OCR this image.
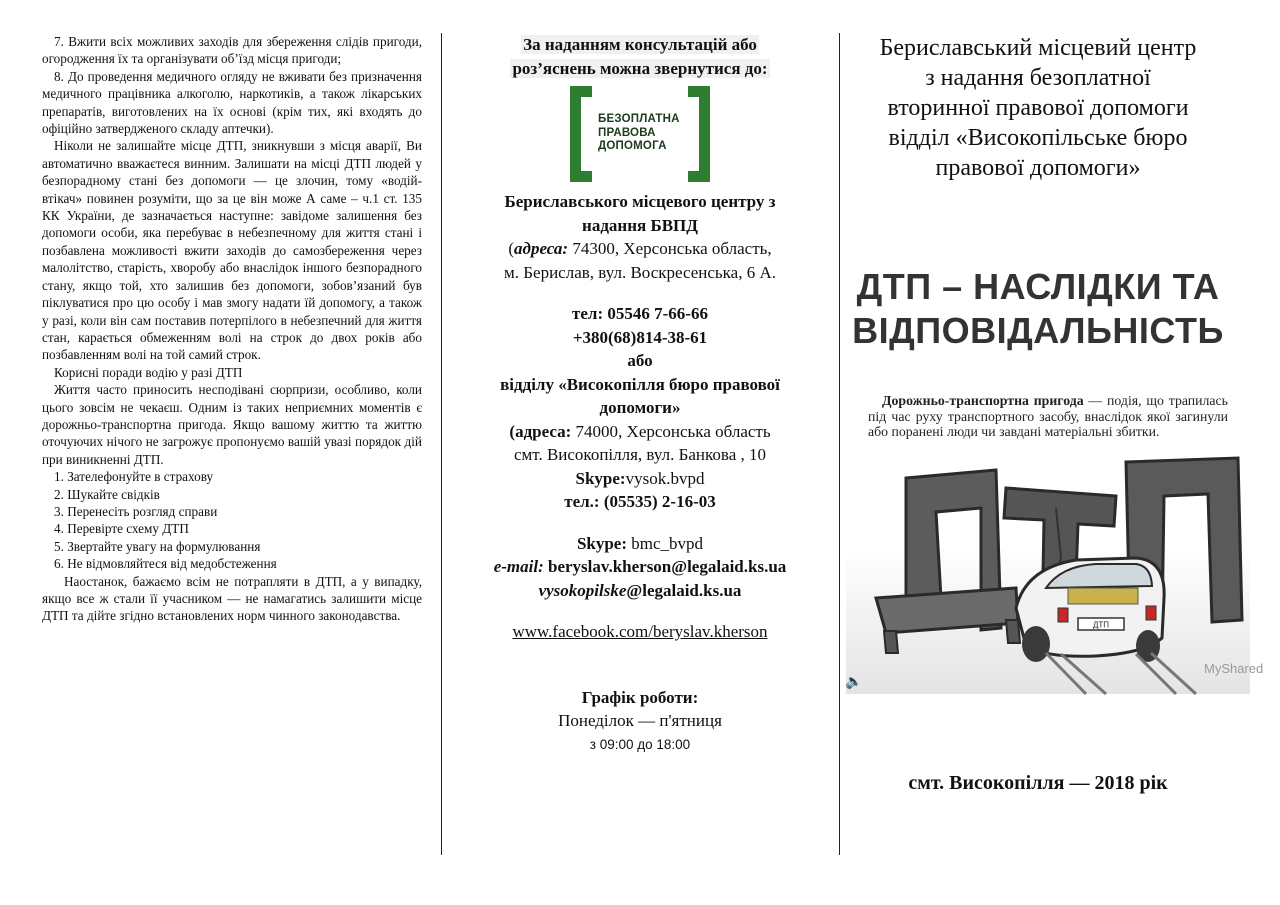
7. Вжити всіх можливих заходів для збереження слідів пригоди, огородження їх та організувати об’їзд місця пригоди;

8. До проведення медичного огляду не вживати без призначення медичного працівника алкоголю, наркотиків, а також лікарських препаратів, виготовлених на їх основі (крім тих, які входять до офіційно затвердженого складу аптечки).

Ніколи не залишайте місце ДТП, зникнувши з місця аварії, Ви автоматично вважаєтеся винним. Залишати на місці ДТП людей у безпорадному стані без допомоги — це злочин, тому «водій-втікач» повинен розуміти, що за це він може А саме – ч.1 ст. 135 КК України, де зазначається наступне: завідоме залишення без допомоги особи, яка перебуває в небезпечному для життя стані і позбавлена можливості вжити заходів до самозбереження через малолітство, старість, хворобу або внаслідок іншого безпорадного стану, якщо той, хто залишив без допомоги, зобов’язаний був піклуватися про цю особу і мав змогу надати їй допомогу, а також у разі, коли він сам поставив потерпілого в небезпечний для життя стан, карається обмеженням волі на строк до двох років або позбавленням волі на той самий строк.

Корисні поради водію у разі ДТП

Життя часто приносить несподівані сюрпризи, особливо, коли цього зовсім не чекаєш. Одним із таких неприємних моментів є дорожньо-транспортна пригода. Якщо вашому життю та життю оточуючих нічого не загрожує пропонуємо вашій увазі порядок дій при виникненні ДТП.

1. Зателефонуйте в страхову
2. Шукайте свідків
3. Перенесіть розгляд справи
4. Перевірте схему ДТП
5. Звертайте увагу на формулювання
6. Не відмовляйтеся від медобстеження

Наостанок, бажаємо всім не потрапляти в ДТП, а у випадку, якщо все ж стали її учасником — не намагатись залишити місце ДТП та дійте згідно встановлених норм чинного законодавства.

За наданням консультацій або
роз’яснень можна звернутися до:
БЕЗОПЛАТНА
ПРАВОВА
ДОПОМОГА
Бериславського місцевого центру з
надання БВПД
(адреса: 74300, Херсонська область,
м. Берислав, вул. Воскресенська, 6 А.
тел: 05546 7-66-66
+380(68)814-38-61
або
відділу «Високопілля бюро правової
допомоги»
(адреса: 74000, Херсонська область
смт. Високопілля, вул. Банкова , 10
Skype:vysok.bvpd
тел.: (05535) 2-16-03
Skype: bmc_bvpd
e-mail: beryslav.kherson@legalaid.ks.ua
vysokopilske@legalaid.ks.ua
www.facebook.com/beryslav.kherson
Графік роботи:
Понеділок — п'ятниця
з 09:00 до 18:00
Бериславський місцевий центр
з надання безоплатної
вторинної правової допомоги
відділ «Високопільське бюро
правової допомоги»
ДТП – НАСЛІДКИ ТА
ВІДПОВІДАЛЬНІСТЬ
Дорожньо-транспортна пригода — подія, що трапилась під час руху транспортного засобу, внаслідок якої загинули або поранені люди чи завдані матеріальні збитки.
ДТП
MyShared
🔈
смт. Високопілля — 2018 рік
